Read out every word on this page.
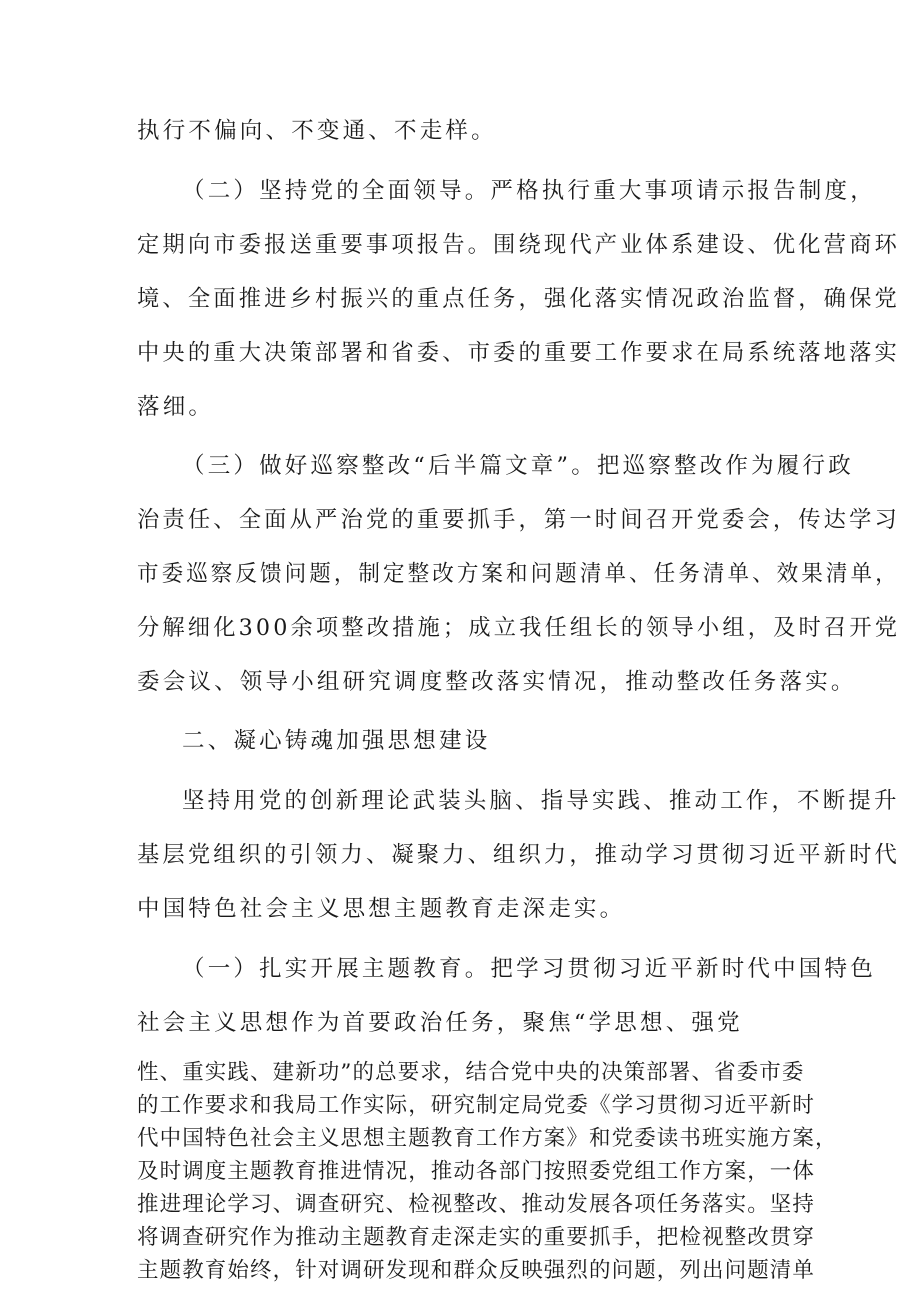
执行不偏向、不变通、不走样。
（二）坚持党的全面领导。严格执行重大事项请示报告制度，
定期向市委报送重要事项报告。围绕现代产业体系建设、优化营商环
境、全面推进乡村振兴的重点任务，强化落实情况政治监督，确保党
中央的重大决策部署和省委、市委的重要工作要求在局系统落地落实
落细。
（三）做好巡察整改“后半篇文章”。把巡察整改作为履行政
治责任、全面从严治党的重要抓手，第一时间召开党委会，传达学习
市委巡察反馈问题，制定整改方案和问题清单、任务清单、效果清单，
分解细化300余项整改措施；成立我任组长的领导小组，及时召开党
委会议、领导小组研究调度整改落实情况，推动整改任务落实。
二、凝心铸魂加强思想建设
坚持用党的创新理论武装头脑、指导实践、推动工作，不断提升
基层党组织的引领力、凝聚力、组织力，推动学习贯彻习近平新时代
中国特色社会主义思想主题教育走深走实。
（一）扎实开展主题教育。把学习贯彻习近平新时代中国特色
社会主义思想作为首要政治任务，聚焦“学思想、强党
性、重实践、建新功”的总要求，结合党中央的决策部署、省委市委
的工作要求和我局工作实际，研究制定局党委《学习贯彻习近平新时
代中国特色社会主义思想主题教育工作方案》和党委读书班实施方案，
及时调度主题教育推进情况，推动各部门按照委党组工作方案，一体
推进理论学习、调查研究、检视整改、推动发展各项任务落实。坚持
将调查研究作为推动主题教育走深走实的重要抓手，把检视整改贯穿
主题教育始终，针对调研发现和群众反映强烈的问题，列出问题清单
